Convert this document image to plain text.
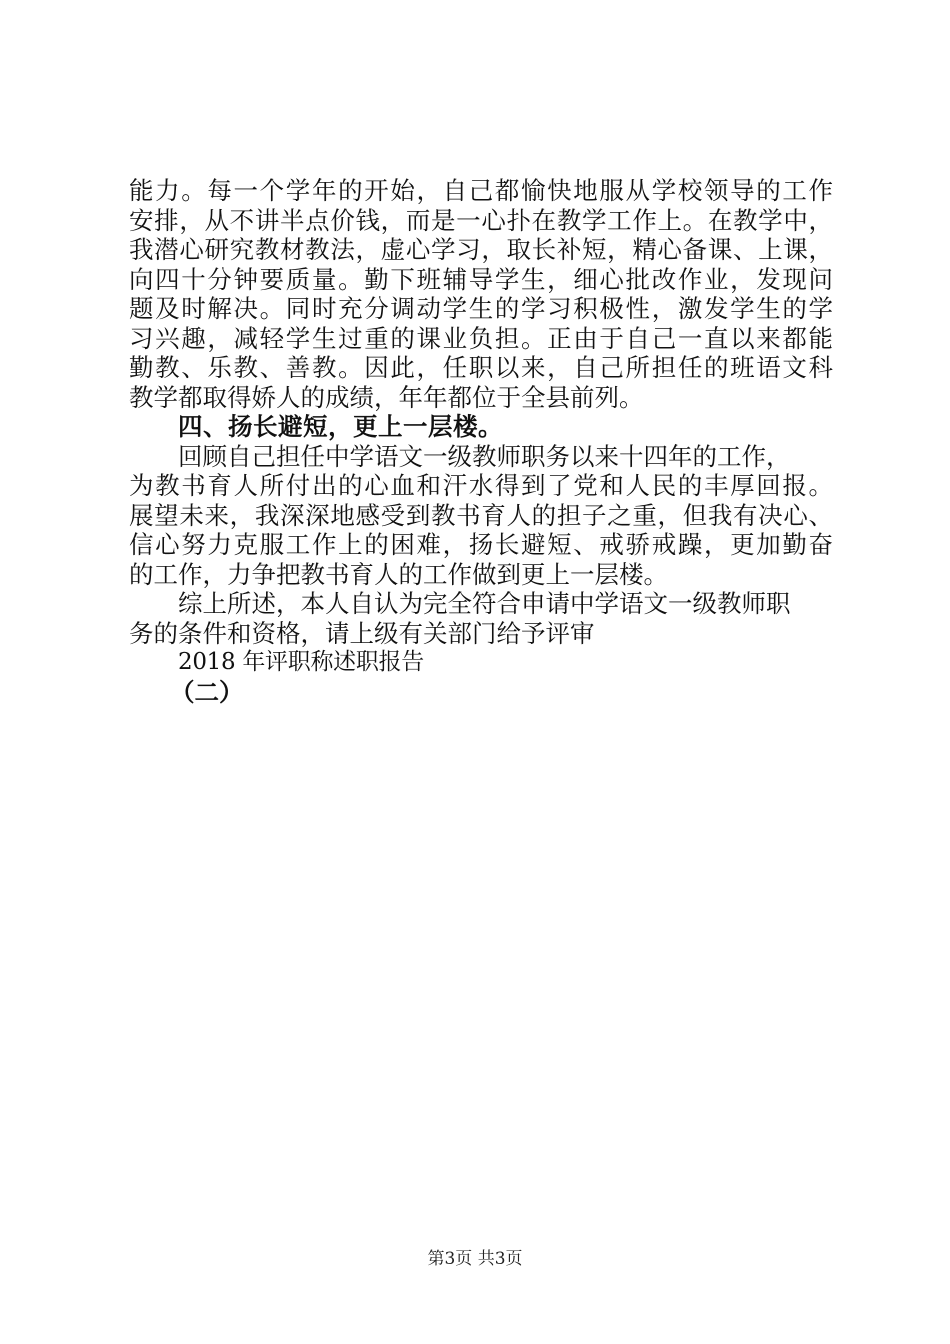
能力。每一个学年的开始，自己都愉快地服从学校领导的工作
安排，从不讲半点价钱，而是一心扑在教学工作上。在教学中，
我潜心研究教材教法，虚心学习，取长补短，精心备课、上课，
向四十分钟要质量。勤下班辅导学生，细心批改作业，发现问
题及时解决。同时充分调动学生的学习积极性，激发学生的学
习兴趣，减轻学生过重的课业负担。正由于自己一直以来都能
勤教、乐教、善教。因此，任职以来，自己所担任的班语文科
教学都取得娇人的成绩，年年都位于全县前列。
四、扬长避短，更上一层楼。
回顾自己担任中学语文一级教师职务以来十四年的工作，
为教书育人所付出的心血和汗水得到了党和人民的丰厚回报。
展望未来，我深深地感受到教书育人的担子之重，但我有决心、
信心努力克服工作上的困难，扬长避短、戒骄戒躁，更加勤奋
的工作，力争把教书育人的工作做到更上一层楼。
综上所述，本人自认为完全符合申请中学语文一级教师职
务的条件和资格，请上级有关部门给予评审
2018 年评职称述职报告
（二）
第3页 共3页
